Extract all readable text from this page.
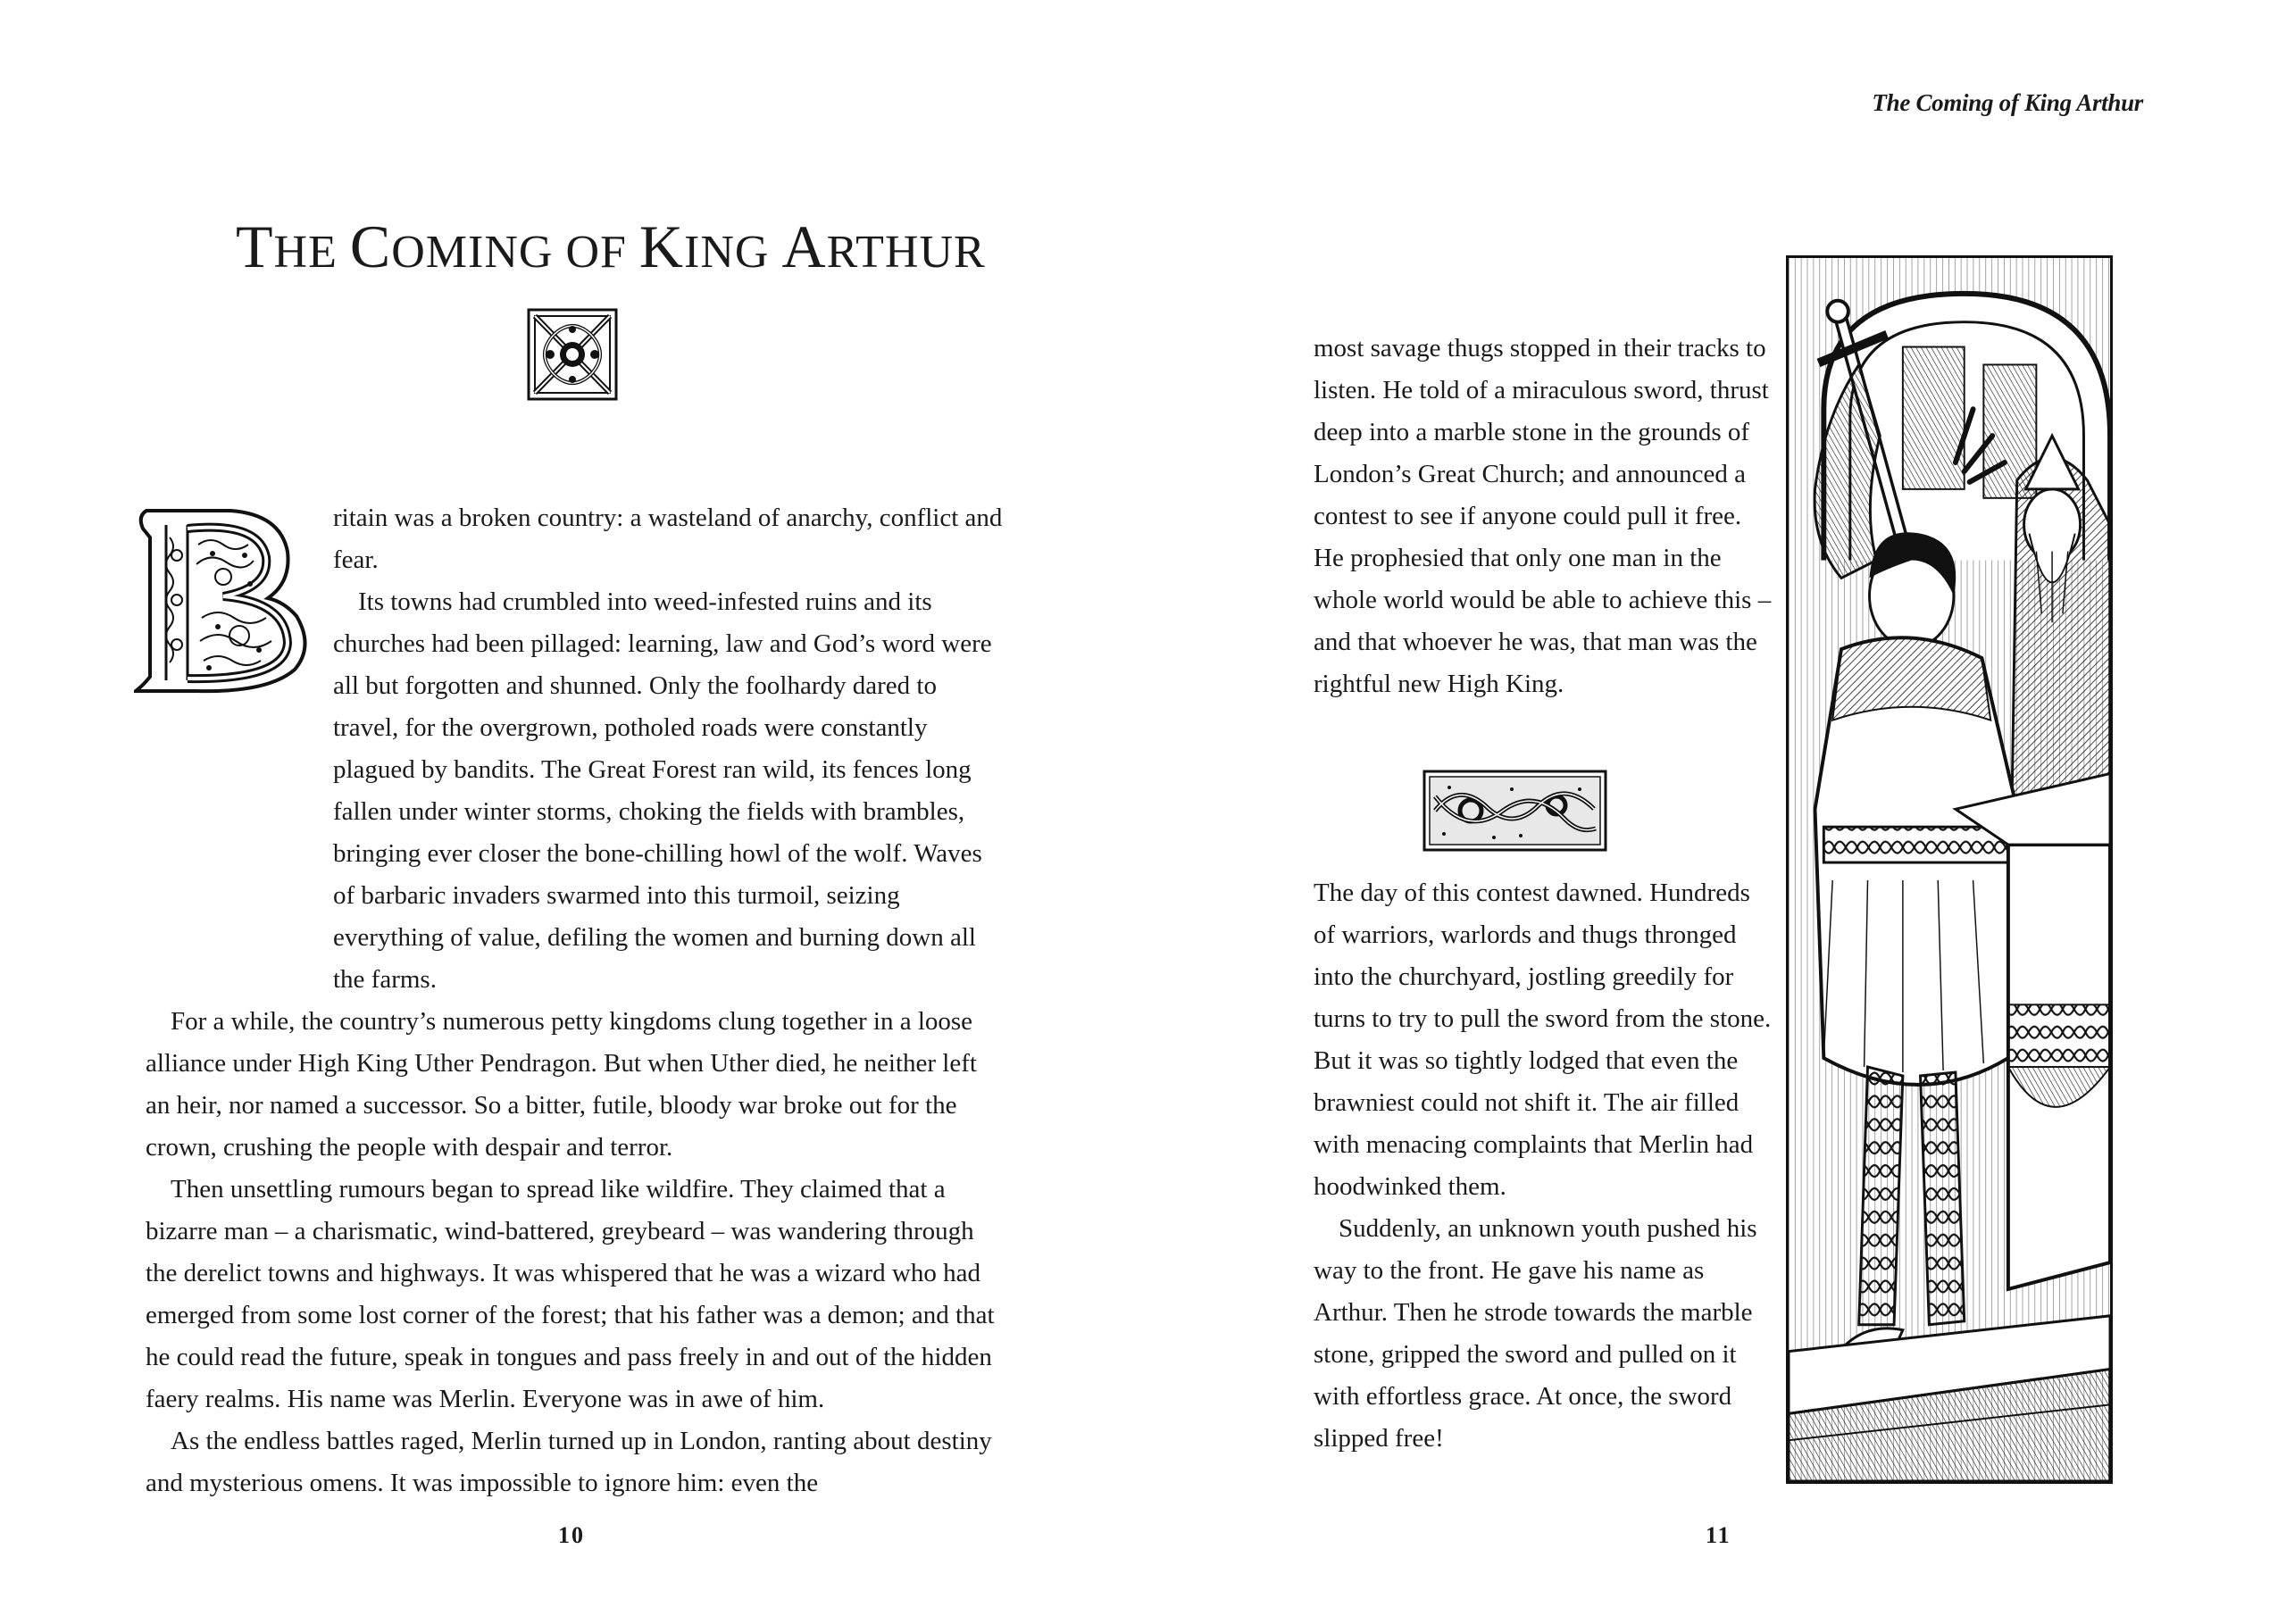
THE COMING OF KING ARTHUR
B

ritain was a broken country: a wasteland of anarchy, conflict and fear.

Its towns had crumbled into weed-infested ruins and its churches had been pillaged: learning, law and God’s word were all but forgotten and shunned. Only the foolhardy dared to travel, for the overgrown, potholed roads were constantly plagued by bandits. The Great Forest ran wild, its fences long fallen under winter storms, choking the fields with brambles, bringing ever closer the bone-chilling howl of the wolf. Waves of barbaric invaders swarmed into this turmoil, seizing everything of value, defiling the women and burning down all the farms.

For a while, the country’s numerous petty kingdoms clung together in a loose alliance under High King Uther Pendragon. But when Uther died, he neither left an heir, nor named a successor. So a bitter, futile, bloody war broke out for the crown, crushing the people with despair and terror.

Then unsettling rumours began to spread like wildfire. They claimed that a bizarre man – a charismatic, wind-battered, greybeard – was wandering through the derelict towns and highways. It was whispered that he was a wizard who had emerged from some lost corner of the forest; that his father was a demon; and that he could read the future, speak in tongues and pass freely in and out of the hidden faery realms. His name was Merlin. Everyone was in awe of him.

As the endless battles raged, Merlin turned up in London, ranting about destiny and mysterious omens. It was impossible to ignore him: even the

10
The Coming of King Arthur

most savage thugs stopped in their tracks to listen. He told of a miraculous sword, thrust deep into a marble stone in the grounds of London’s Great Church; and announced a contest to see if anyone could pull it free. He prophesied that only one man in the whole world would be able to achieve this – and that whoever he was, that man was the rightful new High King.

The day of this contest dawned. Hundreds of warriors, warlords and thugs thronged into the churchyard, jostling greedily for turns to try to pull the sword from the stone. But it was so tightly lodged that even the brawniest could not shift it. The air filled with menacing complaints that Merlin had hoodwinked them.

Suddenly, an unknown youth pushed his way to the front. He gave his name as Arthur. Then he strode towards the marble stone, gripped the sword and pulled on it with effortless grace. At once, the sword slipped free!

11
